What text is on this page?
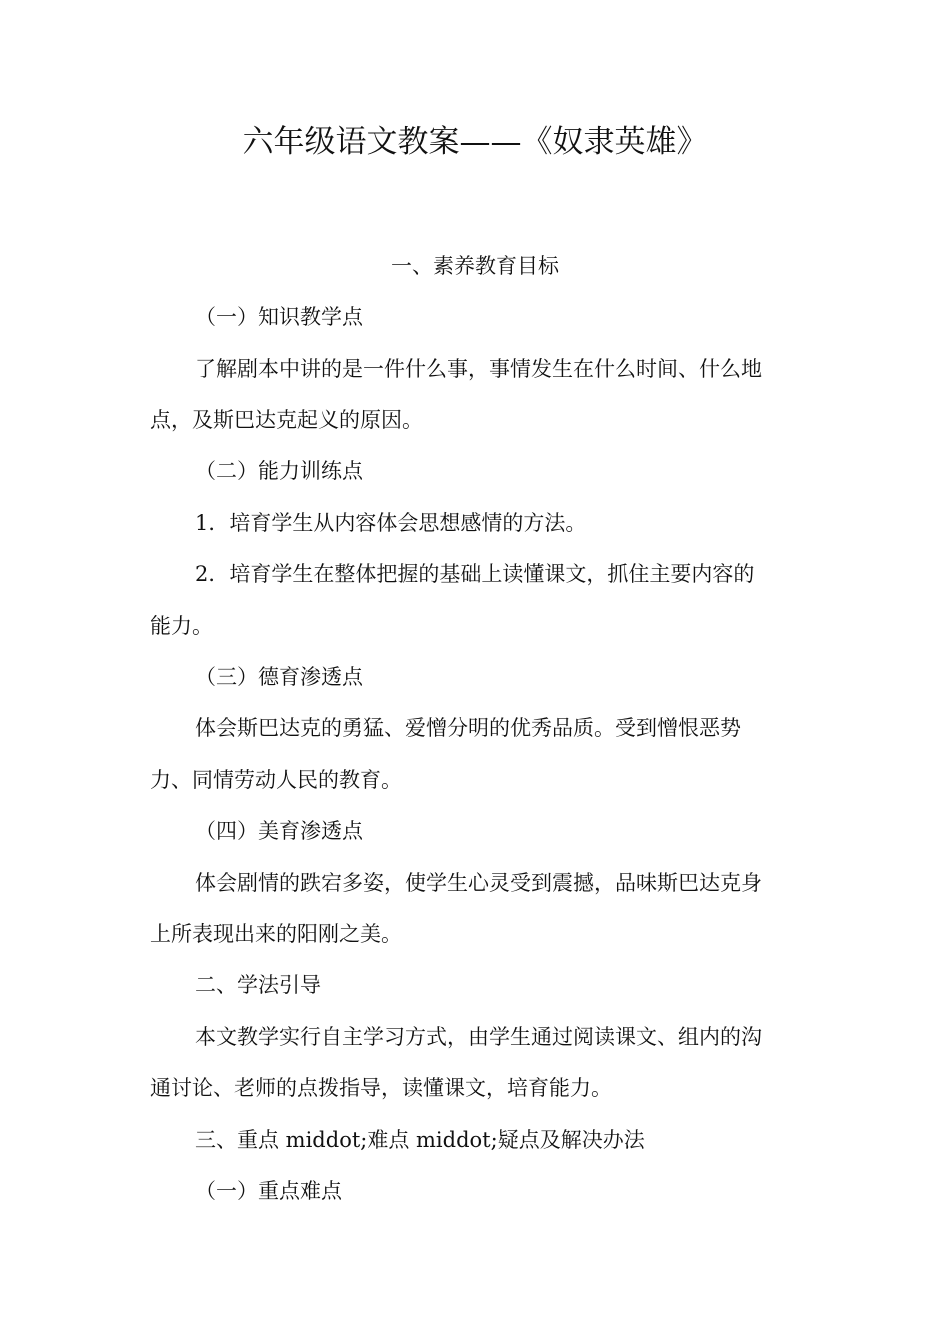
六年级语文教案——《奴隶英雄》
一、素养教育目标
（一）知识教学点
了解剧本中讲的是一件什么事，事情发生在什么时间、什么地
点，及斯巴达克起义的原因。
（二）能力训练点
1．培育学生从内容体会思想感情的方法。
2．培育学生在整体把握的基础上读懂课文，抓住主要内容的
能力。
（三）德育渗透点
体会斯巴达克的勇猛、爱憎分明的优秀品质。受到憎恨恶势
力、同情劳动人民的教育。
（四）美育渗透点
体会剧情的跌宕多姿，使学生心灵受到震撼，品味斯巴达克身
上所表现出来的阳刚之美。
二、学法引导
本文教学实行自主学习方式，由学生通过阅读课文、组内的沟
通讨论、老师的点拨指导，读懂课文，培育能力。
三、重点 middot;难点 middot;疑点及解决办法
（一）重点难点
